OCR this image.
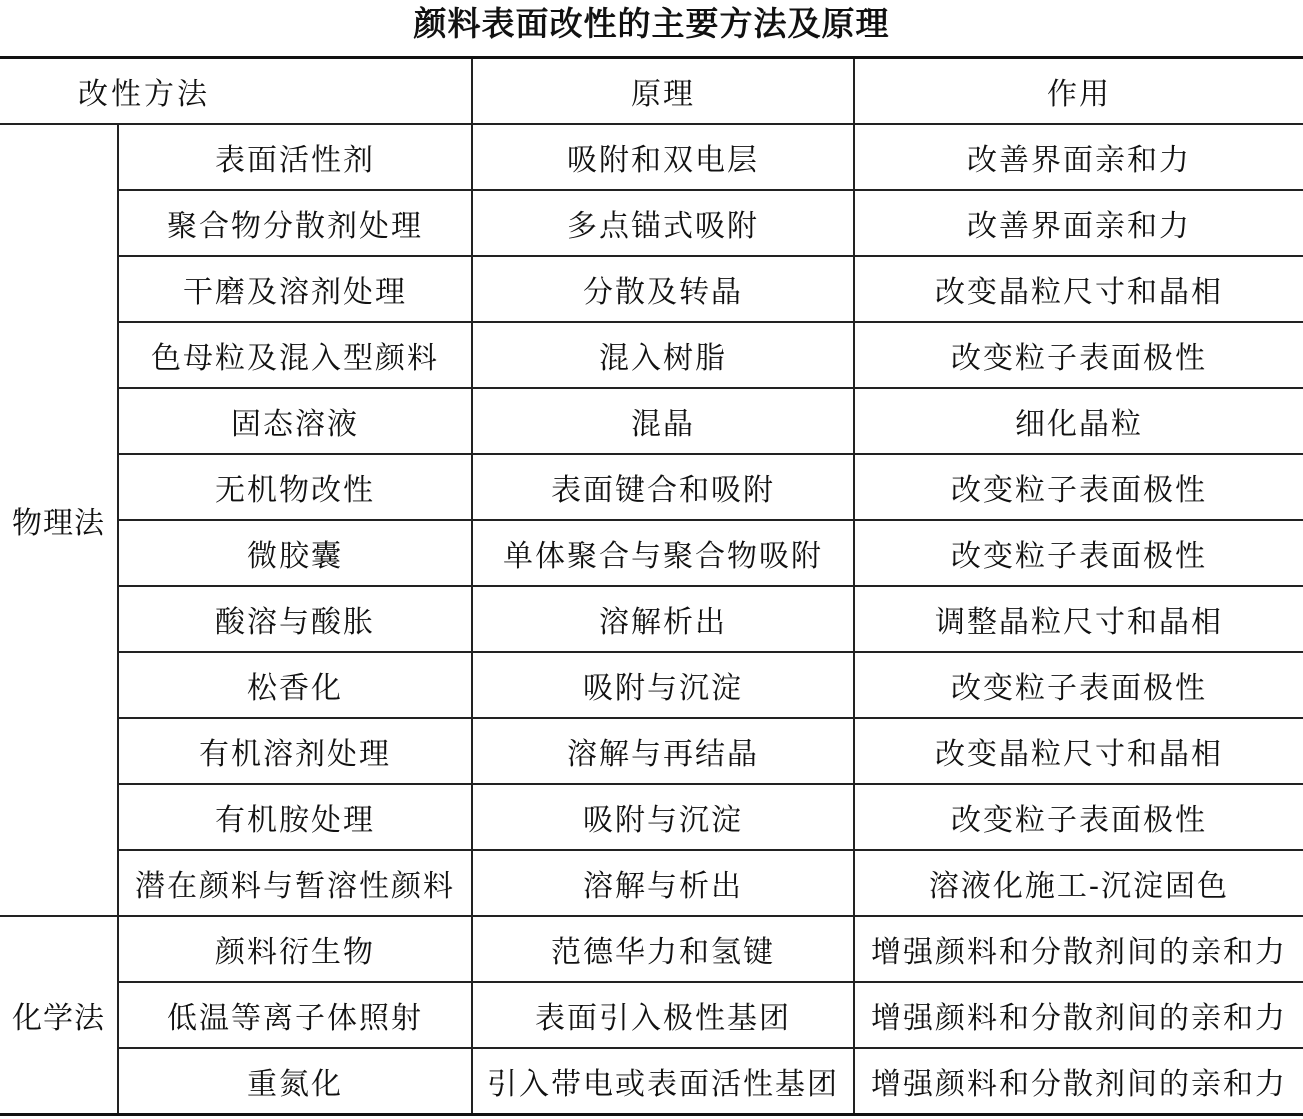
颜料表面改性的主要方法及原理
改性方法		原理	作用
物理法	表面活性剂	吸附和双电层	改善界面亲和力
	聚合物分散剂处理	多点锚式吸附	改善界面亲和力
	干磨及溶剂处理	分散及转晶	改变晶粒尺寸和晶相
	色母粒及混入型颜料	混入树脂	改变粒子表面极性
	固态溶液	混晶	细化晶粒
	无机物改性	表面键合和吸附	改变粒子表面极性
	微胶囊	单体聚合与聚合物吸附	改变粒子表面极性
	酸溶与酸胀	溶解析出	调整晶粒尺寸和晶相
	松香化	吸附与沉淀	改变粒子表面极性
	有机溶剂处理	溶解与再结晶	改变晶粒尺寸和晶相
	有机胺处理	吸附与沉淀	改变粒子表面极性
	潜在颜料与暂溶性颜料	溶解与析出	溶液化施工-沉淀固色
化学法	颜料衍生物	范德华力和氢键	增强颜料和分散剂间的亲和力
	低温等离子体照射	表面引入极性基团	增强颜料和分散剂间的亲和力
	重氮化	引入带电或表面活性基团	增强颜料和分散剂间的亲和力
